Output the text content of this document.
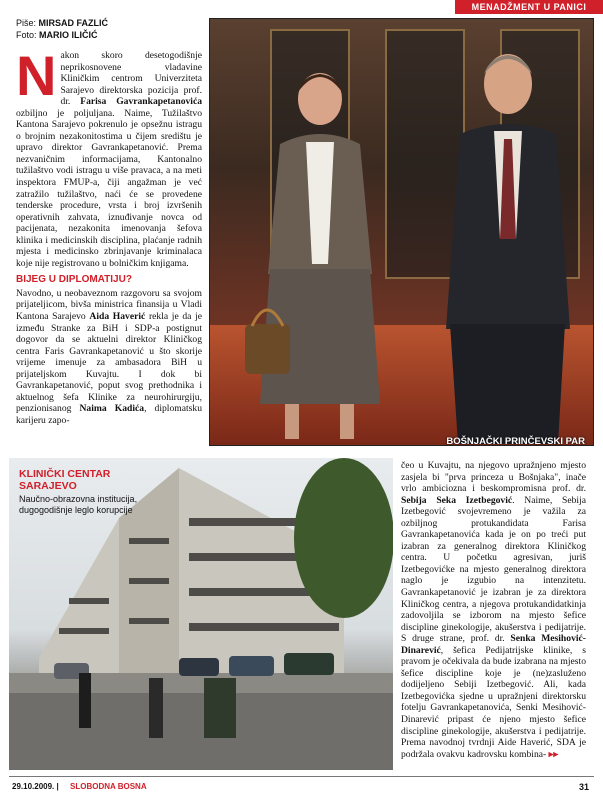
MENADŽMENT U PANICI
Piše: MIRSAD FAZLIĆ
Foto: MARIO ILIČIĆ
N akon skoro desetogodišnje neprikosnovene vladavine Kliničkim centrom Univerziteta Sarajevo direktorska pozicija prof. dr. Farisa Gavrankapetanovića ozbiljno je poljuljana. Naime, Tužilaštvo Kantona Sarajevo pokrenulo je opsežnu istragu o brojnim nezakonitostima u čijem središtu je upravo direktor Gavrankapetanović. Prema nezvaničnim informacijama, Kantonalno tužilaštvo vodi istragu u više pravaca, a na meti inspektora FMUP-a, čiji angažman je već zatražilo tužilaštvo, naći će se provedene tenderske procedure, vrsta i broj izvršenih operativnih zahvata, iznuđivanje novca od pacijenata, nezakonita imenovanja šefova klinika i medicinskih disciplina, plaćanje radnih mjesta i medicinsko zbrinjavanje kriminalaca koje nije registrovano u bolničkim knjigama.
BIJEG U DIPLOMATIJU?
Navodno, u neobaveznom razgovoru sa svojom prijateljicom, bivša ministrica finansija u Vladi Kantona Sarajevo Aida Haverić rekla je da je između Stranke za BiH i SDP-a postignut dogovor da se aktuelni direktor Kliničkog centra Faris Gavrankapetanović u što skorije vrijeme imenuje za ambasadora BiH u prijateljskom Kuvajtu. I dok bi Gavrankapetanović, poput svog prethodnika i aktuelnog šefa Klinike za neurohirurgiju, penzionisanog Naima Kadića, diplomatsku karijeru zapo-
BOŠNJAČKI PRINČEVSKI PAR
KLINIČKI CENTAR
SARAJEVO
Naučno-obrazovna institucija, dugogodišnje leglo korupcije
čeo u Kuvajtu, na njegovo upražnjeno mjesto zasjela bi "prva princeza u Bošnjaka", inače vrlo ambiciozna i beskompromisna prof. dr. Sebija Seka Izetbegović. Naime, Sebija Izetbegović svojevremeno je važila za ozbiljnog protukandidata Farisa Gavrankapetanovića kada je on po treći put izabran za generalnog direktora Kliničkog centra. U početku agresivan, juriš Izetbegovićke na mjesto generalnog direktora naglo je izgubio na intenzitetu. Gavrankapetanović je izabran je za direktora Kliničkog centra, a njegova protukandidatkinja zadovoljila se izborom na mjesto šefice discipline ginekologije, akušerstva i pedijatrije. S druge strane, prof. dr. Senka Mesihović-Dinarević, šefica Pedijatrijske klinike, s pravom je očekivala da bude izabrana na mjesto šefice discipline koje je (ne)zasluženo dodijeljeno Sebiji Izetbegović. Ali, kada Izetbegovićka sjedne u upražnjeni direktorsku fotelju Gavrankapetanovića, Senki Mesihović-Dinarević pripast će njeno mjesto šefice discipline ginekologije, akušerstva i pedijatrije. Prema navodnoj tvrdnji Aide Haverić, SDA je podržala ovakvu kadrovsku kombina- ▸▸
29.10.2009. | SLOBODNA BOSNA	31
